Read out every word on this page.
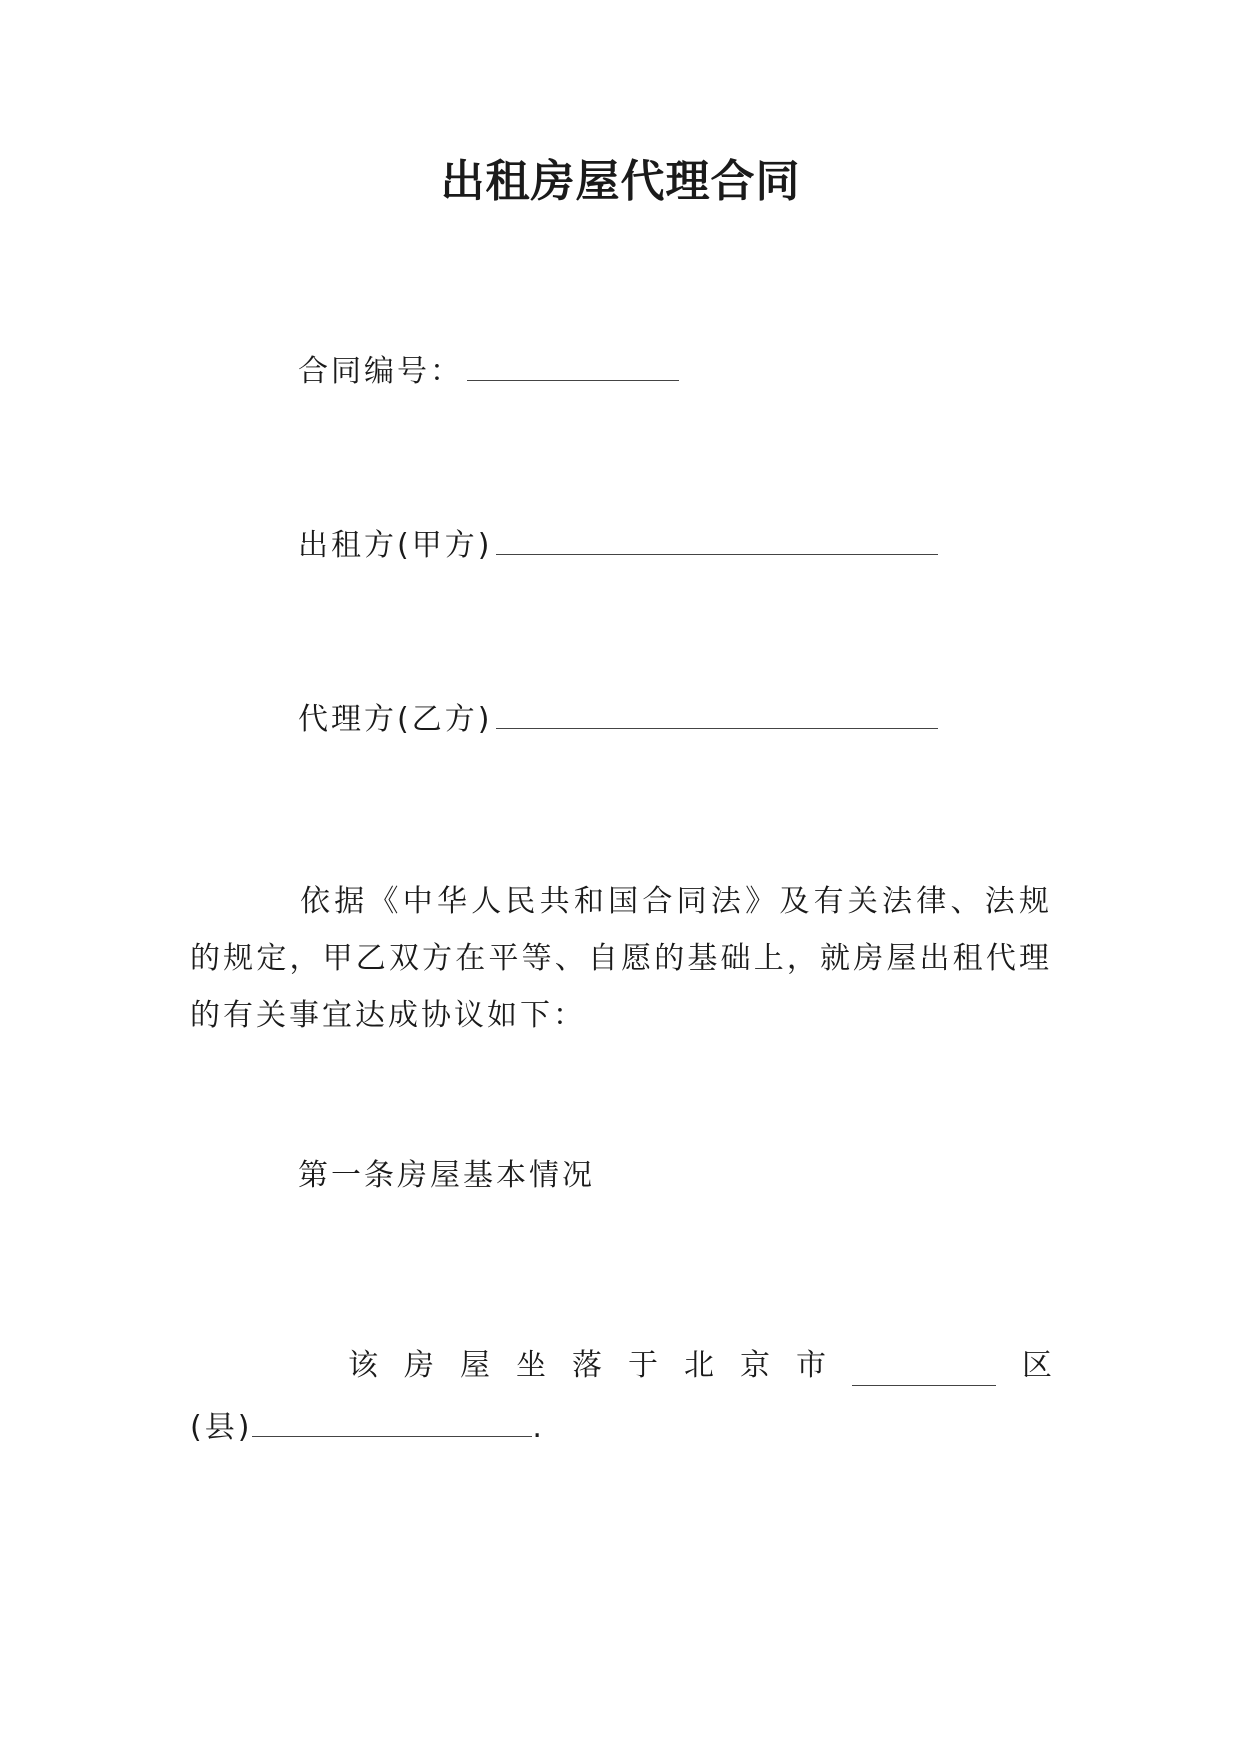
出租房屋代理合同
合同编号：
出租方(甲方)
代理方(乙方)
依据《中华人民共和国合同法》及有关法律、法规的规定，甲乙双方在平等、自愿的基础上，就房屋出租代理的有关事宜达成协议如下：
第一条房屋基本情况
该 房 屋 坐 落 于 北 京 市	区
(县)	.
